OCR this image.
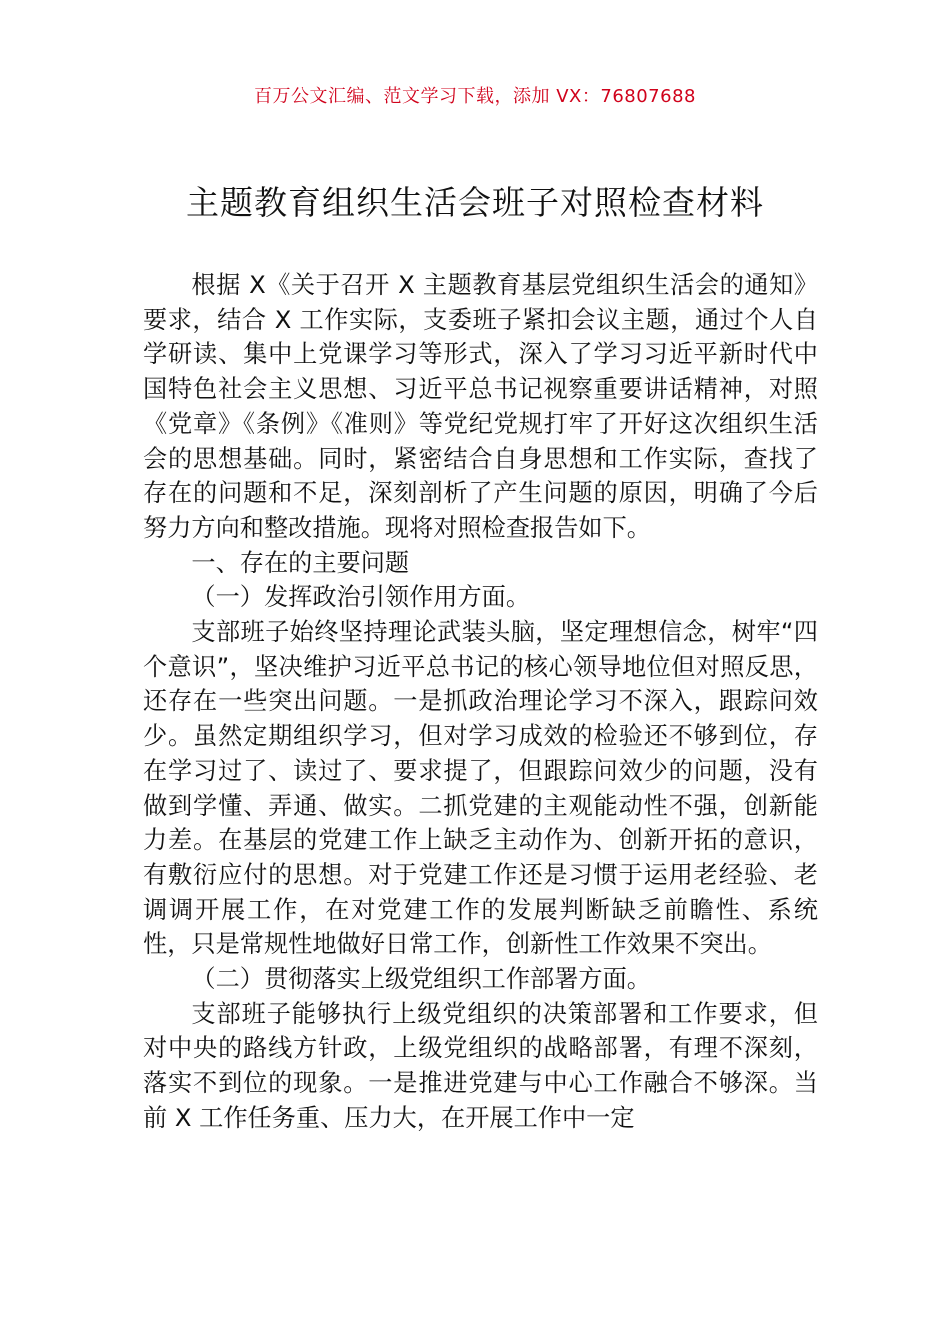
百万公文汇编、范文学习下载，添加 VX：76807688
主题教育组织生活会班子对照检查材料

根据 X《关于召开 X 主题教育基层党组织生活会的通知》要求，结合 X 工作实际，支委班子紧扣会议主题，通过个人自学研读、集中上党课学习等形式，深入了学习习近平新时代中国特色社会主义思想、习近平总书记视察重要讲话精神，对照《党章》《条例》《准则》等党纪党规打牢了开好这次组织生活会的思想基础。同时，紧密结合自身思想和工作实际，查找了存在的问题和不足，深刻剖析了产生问题的原因，明确了今后努力方向和整改措施。现将对照检查报告如下。

一、存在的主要问题

（一）发挥政治引领作用方面。

支部班子始终坚持理论武装头脑，坚定理想信念，树牢“四个意识”，坚决维护习近平总书记的核心领导地位但对照反思，还存在一些突出问题。一是抓政治理论学习不深入，跟踪问效少。虽然定期组织学习，但对学习成效的检验还不够到位，存在学习过了、读过了、要求提了，但跟踪问效少的问题，没有做到学懂、弄通、做实。二抓党建的主观能动性不强，创新能力差。在基层的党建工作上缺乏主动作为、创新开拓的意识，有敷衍应付的思想。对于党建工作还是习惯于运用老经验、老调调开展工作，在对党建工作的发展判断缺乏前瞻性、系统性，只是常规性地做好日常工作，创新性工作效果不突出。

（二）贯彻落实上级党组织工作部署方面。

支部班子能够执行上级党组织的决策部署和工作要求，但对中央的路线方针政，上级党组织的战略部署，有理不深刻，落实不到位的现象。一是推进党建与中心工作融合不够深。当前 X 工作任务重、压力大，在开展工作中一定
